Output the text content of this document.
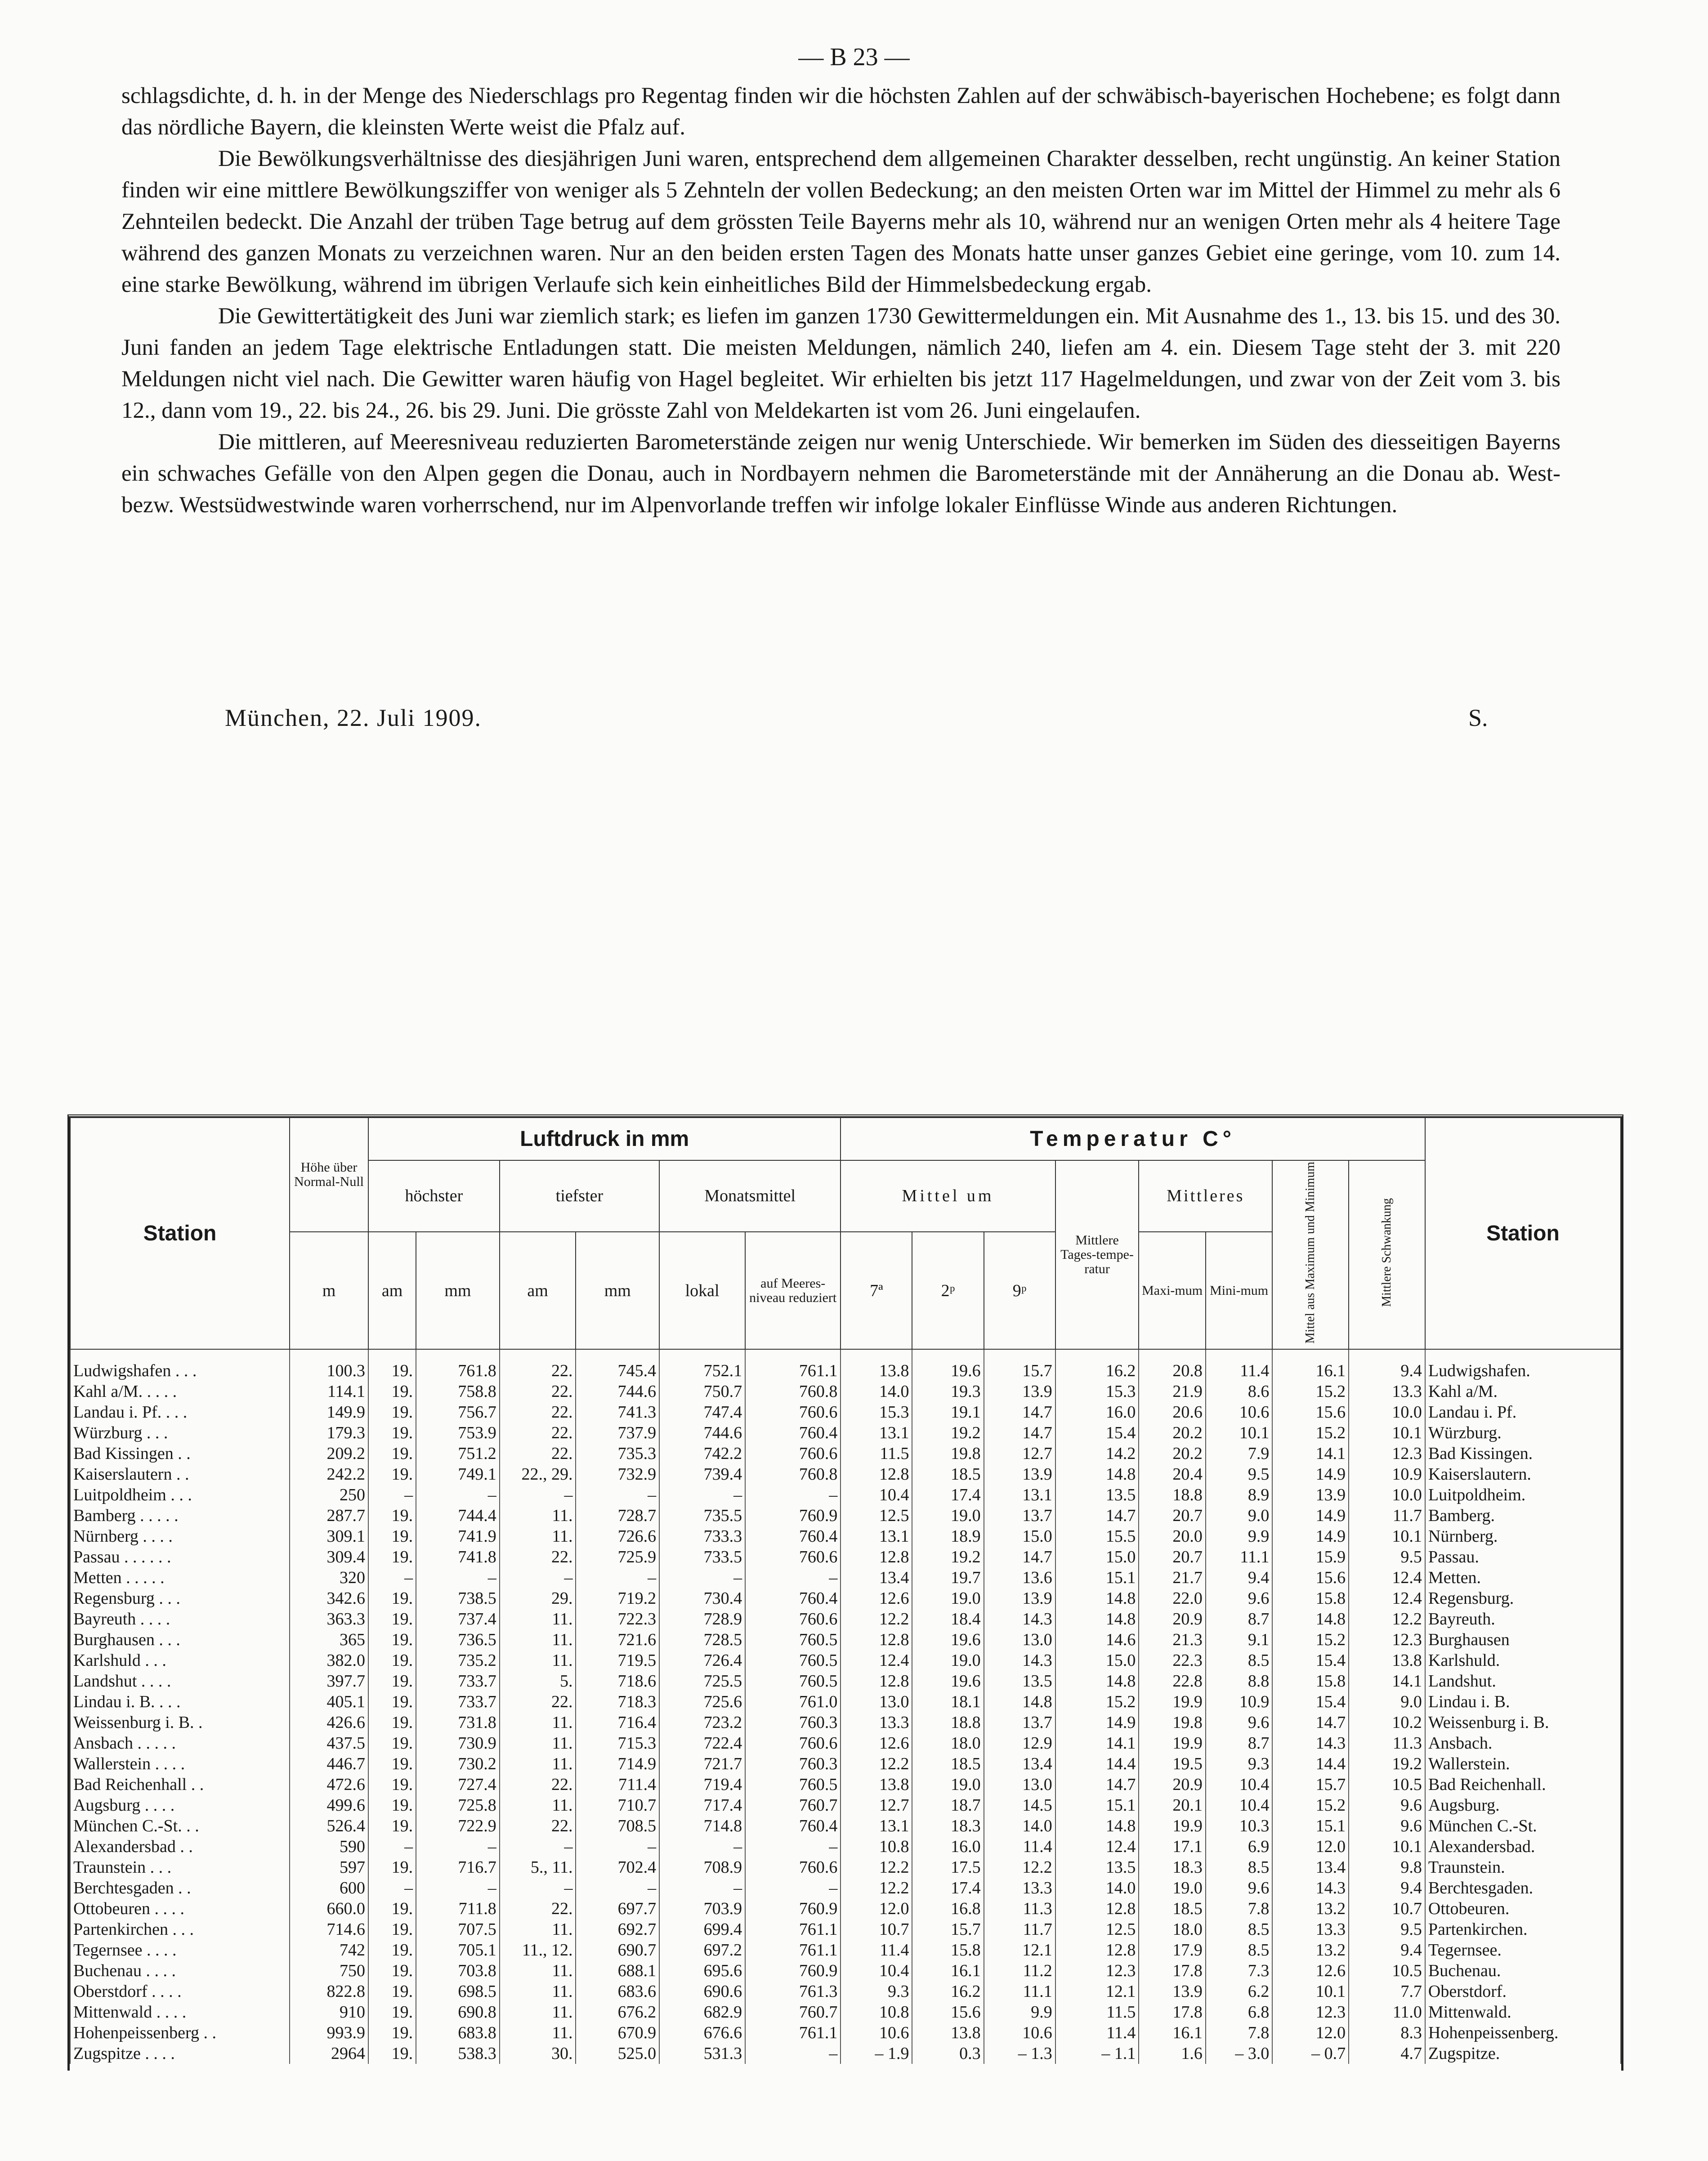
— B 23 —

schlagsdichte, d. h. in der Menge des Niederschlags pro Regentag finden wir die höchsten Zahlen auf der schwäbisch-bayerischen Hochebene; es folgt dann das nördliche Bayern, die kleinsten Werte weist die Pfalz auf.

Die Bewölkungsverhältnisse des diesjährigen Juni waren, entsprechend dem allgemeinen Charakter desselben, recht ungünstig. An keiner Station finden wir eine mittlere Bewölkungsziffer von weniger als 5 Zehnteln der vollen Bedeckung; an den meisten Orten war im Mittel der Himmel zu mehr als 6 Zehnteilen bedeckt. Die Anzahl der trüben Tage betrug auf dem grössten Teile Bayerns mehr als 10, während nur an wenigen Orten mehr als 4 heitere Tage während des ganzen Monats zu verzeichnen waren. Nur an den beiden ersten Tagen des Monats hatte unser ganzes Gebiet eine geringe, vom 10. zum 14. eine starke Bewölkung, während im übrigen Verlaufe sich kein einheitliches Bild der Himmelsbedeckung ergab.

Die Gewittertätigkeit des Juni war ziemlich stark; es liefen im ganzen 1730 Gewittermeldungen ein. Mit Ausnahme des 1., 13. bis 15. und des 30. Juni fanden an jedem Tage elektrische Entladungen statt. Die meisten Meldungen, nämlich 240, liefen am 4. ein. Diesem Tage steht der 3. mit 220 Meldungen nicht viel nach. Die Gewitter waren häufig von Hagel begleitet. Wir erhielten bis jetzt 117 Hagelmeldungen, und zwar von der Zeit vom 3. bis 12., dann vom 19., 22. bis 24., 26. bis 29. Juni. Die grösste Zahl von Meldekarten ist vom 26. Juni eingelaufen.

Die mittleren, auf Meeresniveau reduzierten Barometerstände zeigen nur wenig Unterschiede. Wir bemerken im Süden des diesseitigen Bayerns ein schwaches Gefälle von den Alpen gegen die Donau, auch in Nordbayern nehmen die Barometerstände mit der Annäherung an die Donau ab. West- bezw. Westsüdwestwinde waren vorherrschend, nur im Alpenvorlande treffen wir infolge lokaler Einflüsse Winde aus anderen Richtungen.

München, 22. Juli 1909.	S.
Station	Höhe über Normal-Null	Luftdruck in mm						Temperatur C°								Station
		höchster		tiefster		Monatsmittel		Mittel um			Mittlere Tages-tempe-ratur	Mittleres		Mittel aus Maximum und Minimum	Mittlere Schwankung	
	m	am	mm	am	mm	lokal	auf Meeres-niveau reduziert	7ª	2ᵖ	9ᵖ		Maxi-mum	Mini-mum			
Ludwigshafen . . .	100.3	19.	761.8	22.	745.4	752.1	761.1	13.8	19.6	15.7	16.2	20.8	11.4	16.1	9.4	Ludwigshafen.
Kahl a/M. . . . .	114.1	19.	758.8	22.	744.6	750.7	760.8	14.0	19.3	13.9	15.3	21.9	8.6	15.2	13.3	Kahl a/M.
Landau i. Pf. . . .	149.9	19.	756.7	22.	741.3	747.4	760.6	15.3	19.1	14.7	16.0	20.6	10.6	15.6	10.0	Landau i. Pf.
Würzburg . . .	179.3	19.	753.9	22.	737.9	744.6	760.4	13.1	19.2	14.7	15.4	20.2	10.1	15.2	10.1	Würzburg.
Bad Kissingen . .	209.2	19.	751.2	22.	735.3	742.2	760.6	11.5	19.8	12.7	14.2	20.2	7.9	14.1	12.3	Bad Kissingen.
Kaiserslautern . .	242.2	19.	749.1	22., 29.	732.9	739.4	760.8	12.8	18.5	13.9	14.8	20.4	9.5	14.9	10.9	Kaiserslautern.
Luitpoldheim . . .	250	–	–	–	–	–	–	10.4	17.4	13.1	13.5	18.8	8.9	13.9	10.0	Luitpoldheim.
Bamberg . . . . .	287.7	19.	744.4	11.	728.7	735.5	760.9	12.5	19.0	13.7	14.7	20.7	9.0	14.9	11.7	Bamberg.
Nürnberg . . . .	309.1	19.	741.9	11.	726.6	733.3	760.4	13.1	18.9	15.0	15.5	20.0	9.9	14.9	10.1	Nürnberg.
Passau . . . . . .	309.4	19.	741.8	22.	725.9	733.5	760.6	12.8	19.2	14.7	15.0	20.7	11.1	15.9	9.5	Passau.
Metten . . . . .	320	–	–	–	–	–	–	13.4	19.7	13.6	15.1	21.7	9.4	15.6	12.4	Metten.
Regensburg . . .	342.6	19.	738.5	29.	719.2	730.4	760.4	12.6	19.0	13.9	14.8	22.0	9.6	15.8	12.4	Regensburg.
Bayreuth . . . .	363.3	19.	737.4	11.	722.3	728.9	760.6	12.2	18.4	14.3	14.8	20.9	8.7	14.8	12.2	Bayreuth.
Burghausen . . .	365	19.	736.5	11.	721.6	728.5	760.5	12.8	19.6	13.0	14.6	21.3	9.1	15.2	12.3	Burghausen
Karlshuld . . .	382.0	19.	735.2	11.	719.5	726.4	760.5	12.4	19.0	14.3	15.0	22.3	8.5	15.4	13.8	Karlshuld.
Landshut . . . .	397.7	19.	733.7	5.	718.6	725.5	760.5	12.8	19.6	13.5	14.8	22.8	8.8	15.8	14.1	Landshut.
Lindau i. B. . . .	405.1	19.	733.7	22.	718.3	725.6	761.0	13.0	18.1	14.8	15.2	19.9	10.9	15.4	9.0	Lindau i. B.
Weissenburg i. B. .	426.6	19.	731.8	11.	716.4	723.2	760.3	13.3	18.8	13.7	14.9	19.8	9.6	14.7	10.2	Weissenburg i. B.
Ansbach . . . . .	437.5	19.	730.9	11.	715.3	722.4	760.6	12.6	18.0	12.9	14.1	19.9	8.7	14.3	11.3	Ansbach.
Wallerstein . . . .	446.7	19.	730.2	11.	714.9	721.7	760.3	12.2	18.5	13.4	14.4	19.5	9.3	14.4	19.2	Wallerstein.
Bad Reichenhall . .	472.6	19.	727.4	22.	711.4	719.4	760.5	13.8	19.0	13.0	14.7	20.9	10.4	15.7	10.5	Bad Reichenhall.
Augsburg . . . .	499.6	19.	725.8	11.	710.7	717.4	760.7	12.7	18.7	14.5	15.1	20.1	10.4	15.2	9.6	Augsburg.
München C.-St. . .	526.4	19.	722.9	22.	708.5	714.8	760.4	13.1	18.3	14.0	14.8	19.9	10.3	15.1	9.6	München C.-St.
Alexandersbad . .	590	–	–	–	–	–	–	10.8	16.0	11.4	12.4	17.1	6.9	12.0	10.1	Alexandersbad.
Traunstein . . .	597	19.	716.7	5., 11.	702.4	708.9	760.6	12.2	17.5	12.2	13.5	18.3	8.5	13.4	9.8	Traunstein.
Berchtesgaden . .	600	–	–	–	–	–	–	12.2	17.4	13.3	14.0	19.0	9.6	14.3	9.4	Berchtesgaden.
Ottobeuren . . . .	660.0	19.	711.8	22.	697.7	703.9	760.9	12.0	16.8	11.3	12.8	18.5	7.8	13.2	10.7	Ottobeuren.
Partenkirchen . . .	714.6	19.	707.5	11.	692.7	699.4	761.1	10.7	15.7	11.7	12.5	18.0	8.5	13.3	9.5	Partenkirchen.
Tegernsee . . . .	742	19.	705.1	11., 12.	690.7	697.2	761.1	11.4	15.8	12.1	12.8	17.9	8.5	13.2	9.4	Tegernsee.
Buchenau . . . .	750	19.	703.8	11.	688.1	695.6	760.9	10.4	16.1	11.2	12.3	17.8	7.3	12.6	10.5	Buchenau.
Oberstdorf . . . .	822.8	19.	698.5	11.	683.6	690.6	761.3	9.3	16.2	11.1	12.1	13.9	6.2	10.1	7.7	Oberstdorf.
Mittenwald . . . .	910	19.	690.8	11.	676.2	682.9	760.7	10.8	15.6	9.9	11.5	17.8	6.8	12.3	11.0	Mittenwald.
Hohenpeissenberg . .	993.9	19.	683.8	11.	670.9	676.6	761.1	10.6	13.8	10.6	11.4	16.1	7.8	12.0	8.3	Hohenpeissenberg.
Zugspitze . . . .	2964	19.	538.3	30.	525.0	531.3	–	– 1.9	0.3	– 1.3	– 1.1	1.6	– 3.0	– 0.7	4.7	Zugspitze.
